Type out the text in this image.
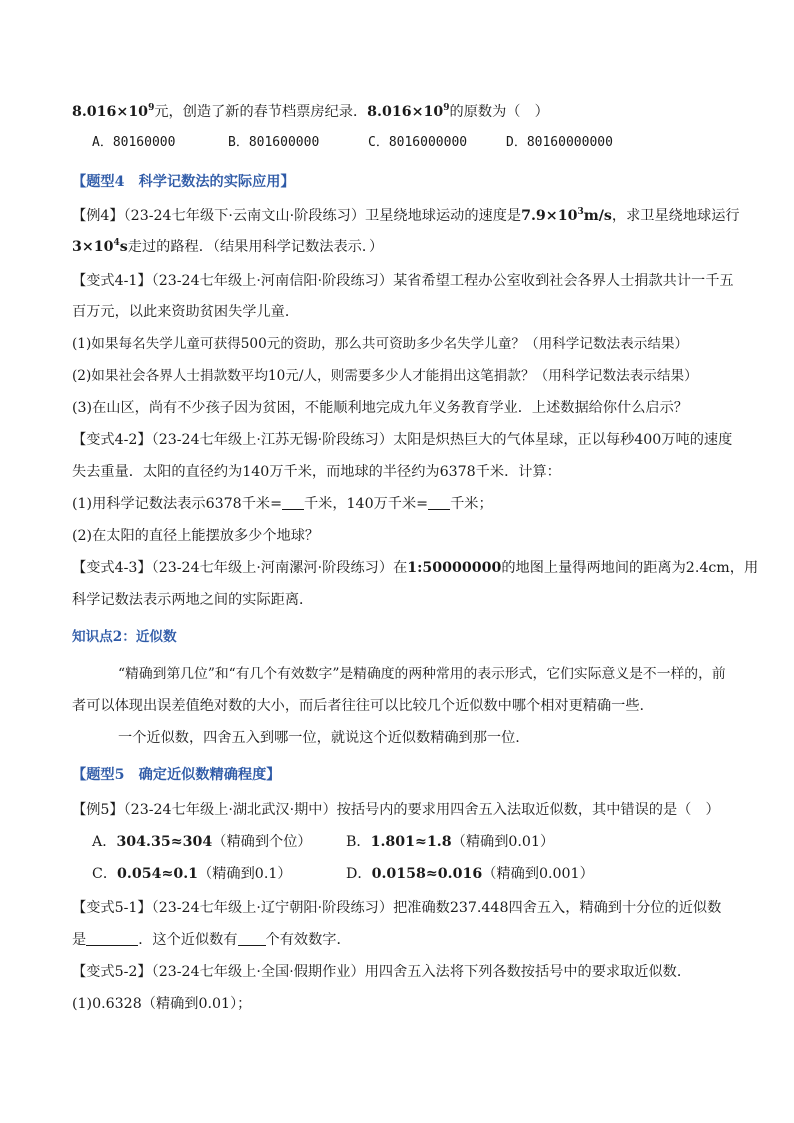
$8.016\times 10^9$元，创造了新的春节档票房纪录．$8.016\times 10^9$的原数为（　）
A．80160000	B．801600000	C．8016000000	D．80160000000
【题型4　科学记数法的实际应用】
【例4】（23-24七年级下·云南文山·阶段练习）卫星绕地球运动的速度是$7.9\times 10^3m/s$，求卫星绕地球运行
$3\times 10^4s$走过的路程．（结果用科学记数法表示．）
【变式4-1】（23-24七年级上·河南信阳·阶段练习）某省希望工程办公室收到社会各界人士捐款共计一千五
百万元，以此来资助贫困失学儿童．
(1)如果每名失学儿童可获得500元的资助，那么共可资助多少名失学儿童？（用科学记数法表示结果）
(2)如果社会各界人士捐款数平均10元/人，则需要多少人才能捐出这笔捐款？（用科学记数法表示结果）
(3)在山区，尚有不少孩子因为贫困，不能顺利地完成九年义务教育学业．上述数据给你什么启示？
【变式4-2】（23-24七年级上·江苏无锡·阶段练习）太阳是炽热巨大的气体星球，正以每秒400万吨的速度
失去重量．太阳的直径约为140万千米，而地球的半径约为6378千米．计算：
(1)用科学记数法表示6378千米= 千米，140万千米= 千米；
(2)在太阳的直径上能摆放多少个地球？
【变式4-3】（23-24七年级上·河南漯河·阶段练习）在1:50000000的地图上量得两地间的距离为2.4cm，用
科学记数法表示两地之间的实际距离．
知识点2：近似数
“精确到第几位”和“有几个有效数字”是精确度的两种常用的表示形式，它们实际意义是不一样的，前
者可以体现出误差值绝对数的大小，而后者往往可以比较几个近似数中哪个相对更精确一些.
一个近似数，四舍五入到哪一位，就说这个近似数精确到那一位.
【题型5　确定近似数精确程度】
【例5】（23-24七年级上·湖北武汉·期中）按括号内的要求用四舍五入法取近似数，其中错误的是（　）
A．304.35≈304（精确到个位） B．1.801≈1.8（精确到0.01）
C．0.054≈0.1（精确到0.1）	D．0.0158≈0.016（精确到0.001）
【变式5-1】（23-24七年级上·辽宁朝阳·阶段练习）把准确数237.448四舍五入，精确到十分位的近似数
是	．这个近似数有 个有效数字．
【变式5-2】（23-24七年级上·全国·假期作业）用四舍五入法将下列各数按括号中的要求取近似数．
(1)0.6328（精确到0.01）；
